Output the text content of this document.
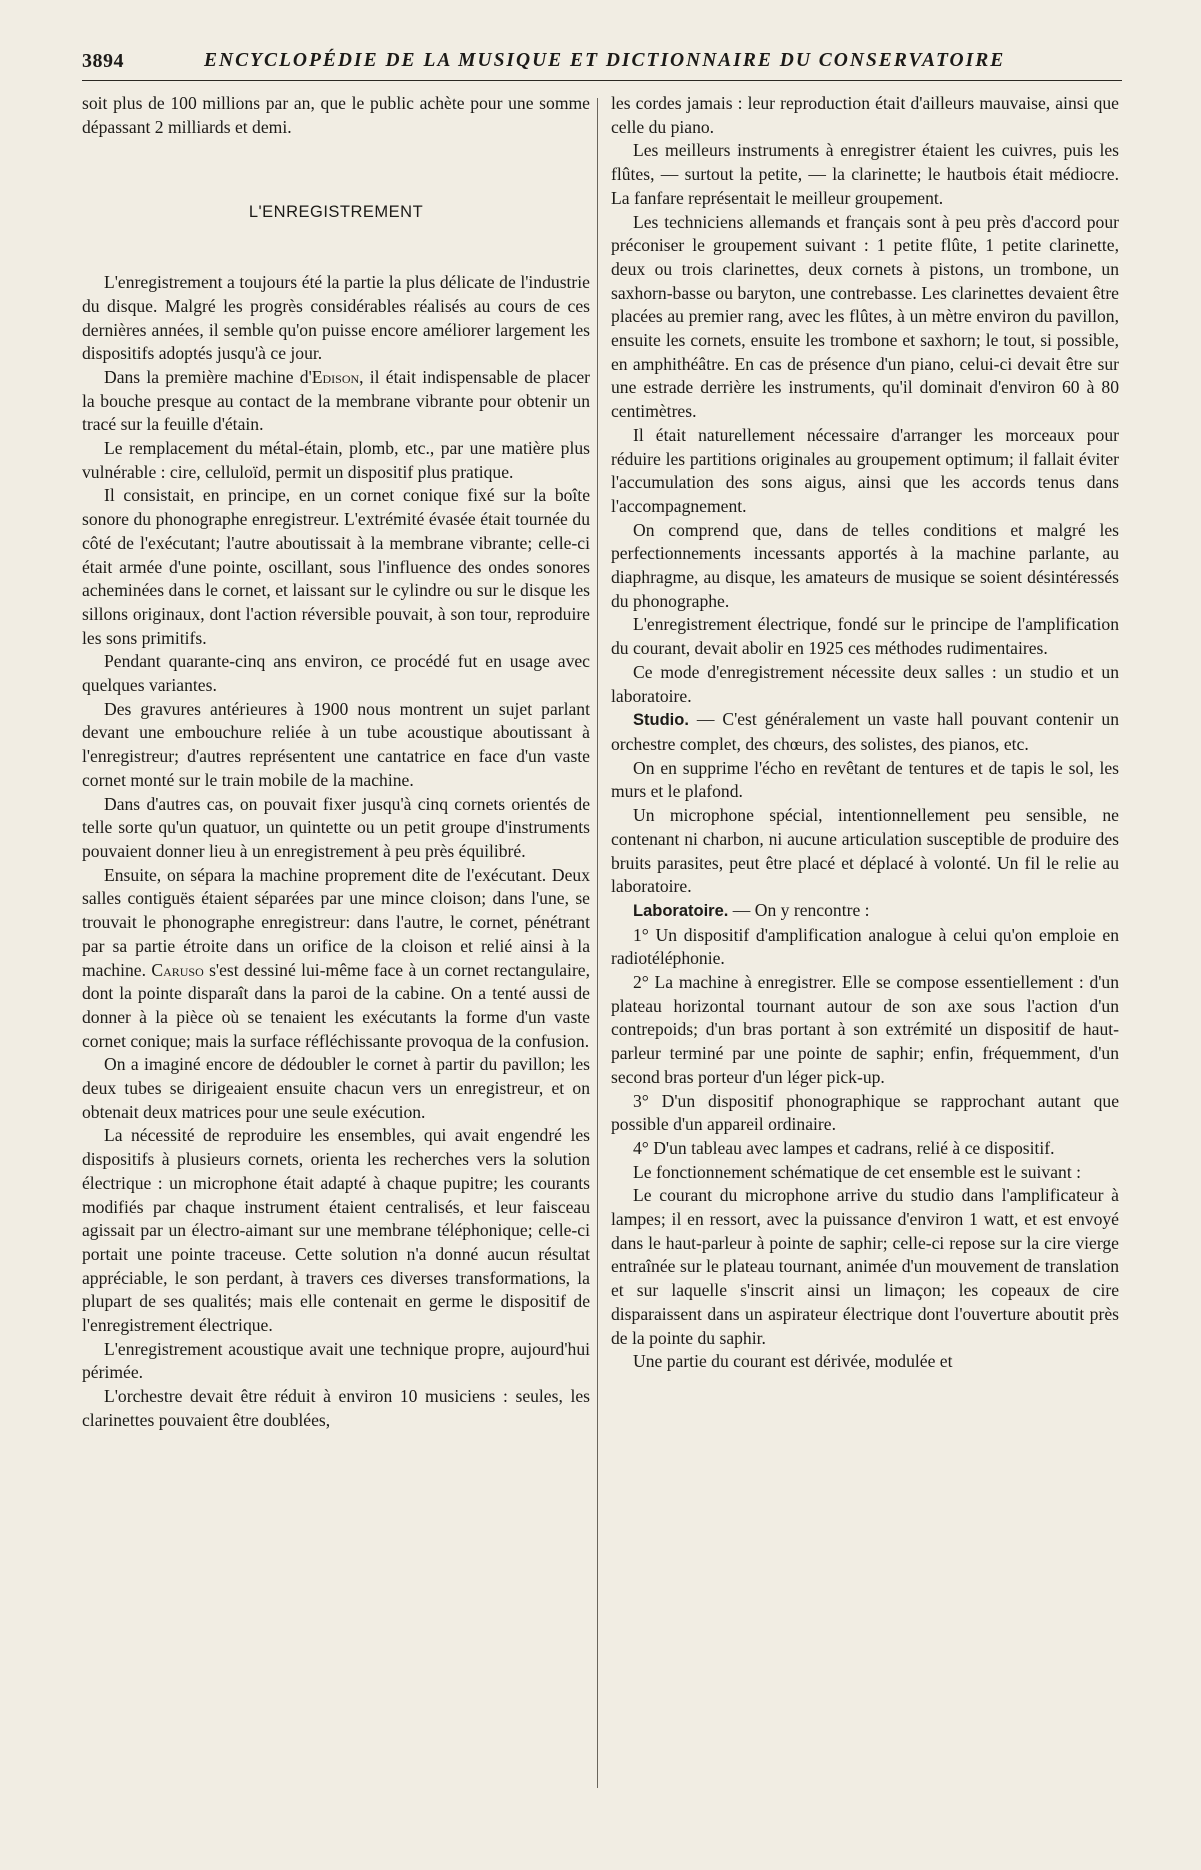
3894	ENCYCLOPÉDIE DE LA MUSIQUE ET DICTIONNAIRE DU CONSERVATOIRE

soit plus de 100 millions par an, que le public achète pour une somme dépassant 2 milliards et demi.

L'ENREGISTREMENT

L'enregistrement a toujours été la partie la plus délicate de l'industrie du disque. Malgré les progrès considérables réalisés au cours de ces dernières années, il semble qu'on puisse encore améliorer largement les dispositifs adoptés jusqu'à ce jour.

Dans la première machine d'Edison, il était indispensable de placer la bouche presque au contact de la membrane vibrante pour obtenir un tracé sur la feuille d'étain.

Le remplacement du métal-étain, plomb, etc., par une matière plus vulnérable : cire, celluloïd, permit un dispositif plus pratique.

Il consistait, en principe, en un cornet conique fixé sur la boîte sonore du phonographe enregistreur. L'extrémité évasée était tournée du côté de l'exécutant; l'autre aboutissait à la membrane vibrante; celle-ci était armée d'une pointe, oscillant, sous l'influence des ondes sonores acheminées dans le cornet, et laissant sur le cylindre ou sur le disque les sillons originaux, dont l'action réversible pouvait, à son tour, reproduire les sons primitifs.

Pendant quarante-cinq ans environ, ce procédé fut en usage avec quelques variantes.

Des gravures antérieures à 1900 nous montrent un sujet parlant devant une embouchure reliée à un tube acoustique aboutissant à l'enregistreur; d'autres représentent une cantatrice en face d'un vaste cornet monté sur le train mobile de la machine.

Dans d'autres cas, on pouvait fixer jusqu'à cinq cornets orientés de telle sorte qu'un quatuor, un quintette ou un petit groupe d'instruments pouvaient donner lieu à un enregistrement à peu près équilibré.

Ensuite, on sépara la machine proprement dite de l'exécutant. Deux salles contiguës étaient séparées par une mince cloison; dans l'une, se trouvait le phonographe enregistreur: dans l'autre, le cornet, pénétrant par sa partie étroite dans un orifice de la cloison et relié ainsi à la machine. Caruso s'est dessiné lui-même face à un cornet rectangulaire, dont la pointe disparaît dans la paroi de la cabine. On a tenté aussi de donner à la pièce où se tenaient les exécutants la forme d'un vaste cornet conique; mais la surface réfléchissante provoqua de la confusion.

On a imaginé encore de dédoubler le cornet à partir du pavillon; les deux tubes se dirigeaient ensuite chacun vers un enregistreur, et on obtenait deux matrices pour une seule exécution.

La nécessité de reproduire les ensembles, qui avait engendré les dispositifs à plusieurs cornets, orienta les recherches vers la solution électrique : un microphone était adapté à chaque pupitre; les courants modifiés par chaque instrument étaient centralisés, et leur faisceau agissait par un électro-aimant sur une membrane téléphonique; celle-ci portait une pointe traceuse. Cette solution n'a donné aucun résultat appréciable, le son perdant, à travers ces diverses transformations, la plupart de ses qualités; mais elle contenait en germe le dispositif de l'enregistrement électrique.

L'enregistrement acoustique avait une technique propre, aujourd'hui périmée.

L'orchestre devait être réduit à environ 10 musiciens : seules, les clarinettes pouvaient être doublées,

les cordes jamais : leur reproduction était d'ailleurs mauvaise, ainsi que celle du piano.

Les meilleurs instruments à enregistrer étaient les cuivres, puis les flûtes, — surtout la petite, — la clarinette; le hautbois était médiocre. La fanfare représentait le meilleur groupement.

Les techniciens allemands et français sont à peu près d'accord pour préconiser le groupement suivant : 1 petite flûte, 1 petite clarinette, deux ou trois clarinettes, deux cornets à pistons, un trombone, un saxhorn-basse ou baryton, une contrebasse. Les clarinettes devaient être placées au premier rang, avec les flûtes, à un mètre environ du pavillon, ensuite les cornets, ensuite les trombone et saxhorn; le tout, si possible, en amphithéâtre. En cas de présence d'un piano, celui-ci devait être sur une estrade derrière les instruments, qu'il dominait d'environ 60 à 80 centimètres.

Il était naturellement nécessaire d'arranger les morceaux pour réduire les partitions originales au groupement optimum; il fallait éviter l'accumulation des sons aigus, ainsi que les accords tenus dans l'accompagnement.

On comprend que, dans de telles conditions et malgré les perfectionnements incessants apportés à la machine parlante, au diaphragme, au disque, les amateurs de musique se soient désintéressés du phonographe.

L'enregistrement électrique, fondé sur le principe de l'amplification du courant, devait abolir en 1925 ces méthodes rudimentaires.

Ce mode d'enregistrement nécessite deux salles : un studio et un laboratoire.

Studio. — C'est généralement un vaste hall pouvant contenir un orchestre complet, des chœurs, des solistes, des pianos, etc.

On en supprime l'écho en revêtant de tentures et de tapis le sol, les murs et le plafond.

Un microphone spécial, intentionnellement peu sensible, ne contenant ni charbon, ni aucune articulation susceptible de produire des bruits parasites, peut être placé et déplacé à volonté. Un fil le relie au laboratoire.

Laboratoire. — On y rencontre :

1° Un dispositif d'amplification analogue à celui qu'on emploie en radiotéléphonie.

2° La machine à enregistrer. Elle se compose essentiellement : d'un plateau horizontal tournant autour de son axe sous l'action d'un contrepoids; d'un bras portant à son extrémité un dispositif de haut-parleur terminé par une pointe de saphir; enfin, fréquemment, d'un second bras porteur d'un léger pick-up.

3° D'un dispositif phonographique se rapprochant autant que possible d'un appareil ordinaire.

4° D'un tableau avec lampes et cadrans, relié à ce dispositif.

Le fonctionnement schématique de cet ensemble est le suivant :

Le courant du microphone arrive du studio dans l'amplificateur à lampes; il en ressort, avec la puissance d'environ 1 watt, et est envoyé dans le haut-parleur à pointe de saphir; celle-ci repose sur la cire vierge entraînée sur le plateau tournant, animée d'un mouvement de translation et sur laquelle s'inscrit ainsi un limaçon; les copeaux de cire disparaissent dans un aspirateur électrique dont l'ouverture aboutit près de la pointe du saphir.

Une partie du courant est dérivée, modulée et
